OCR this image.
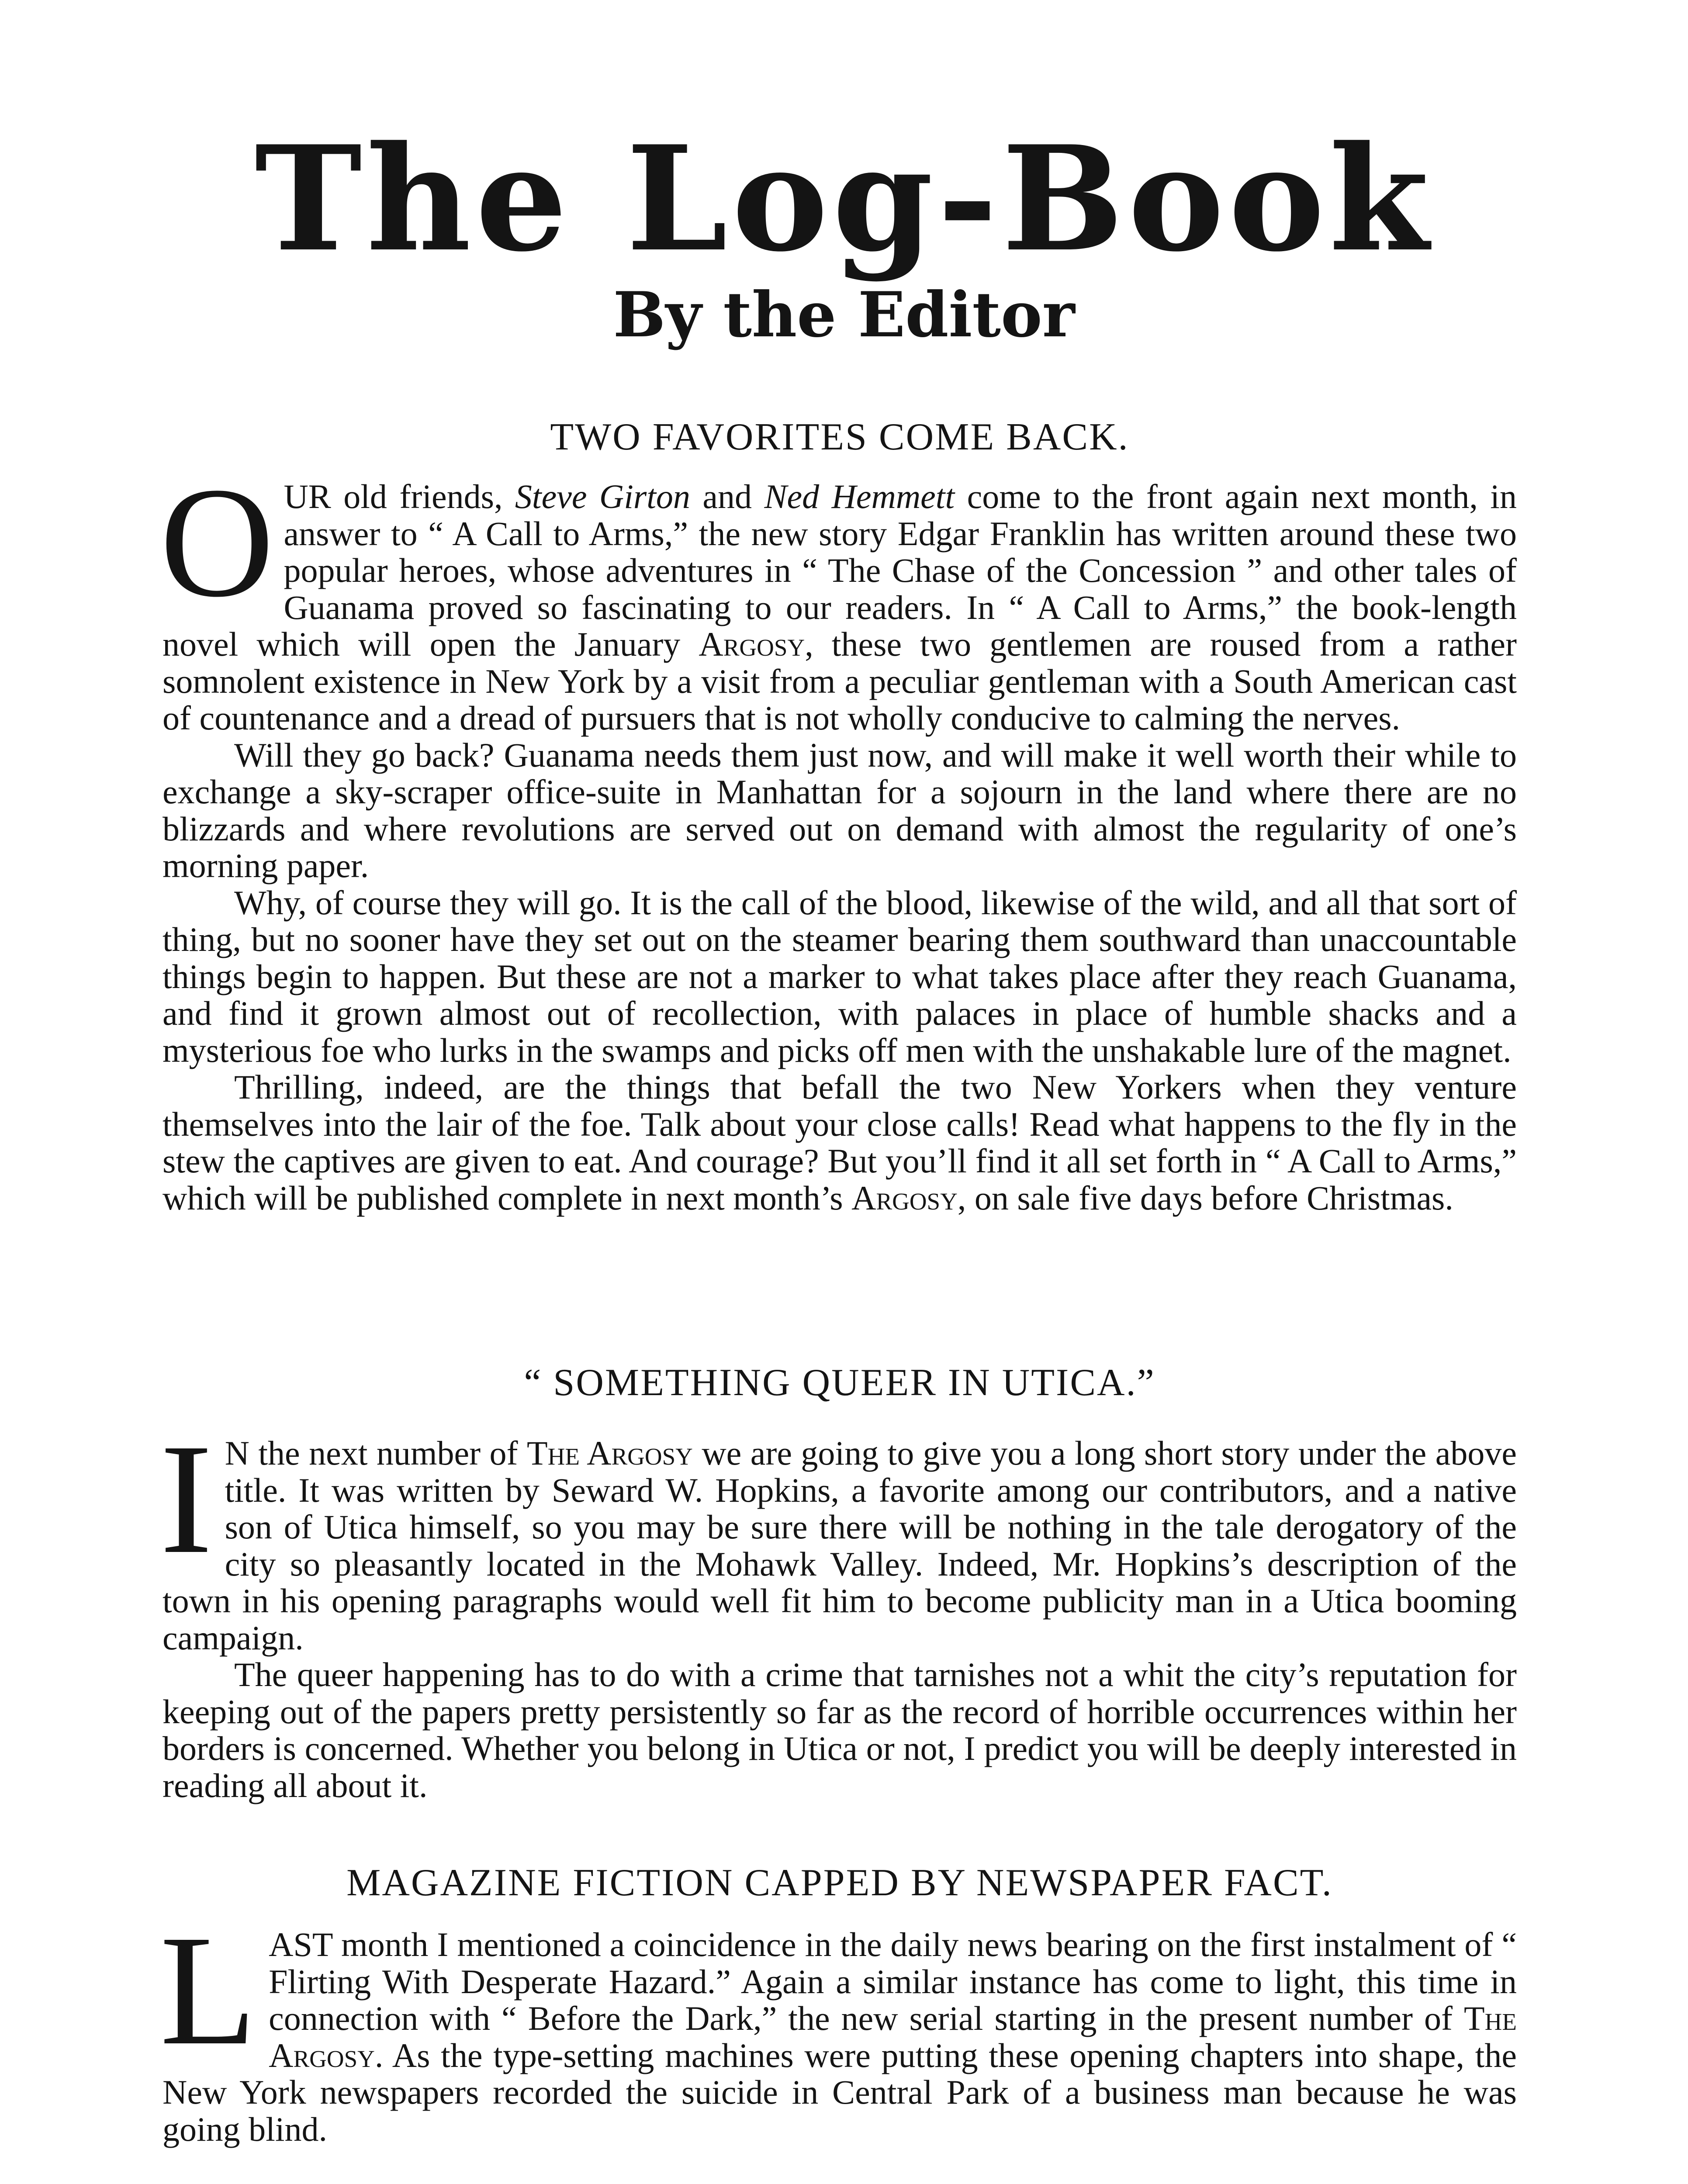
The Log-Book
By the Editor
TWO FAVORITES COME BACK.

OUR old friends, Steve Girton and Ned Hemmett come to the front again next month, in answer to “ A Call to Arms,” the new story Edgar Franklin has written around these two popular heroes, whose adventures in “ The Chase of the Concession ” and other tales of Guanama proved so fascinating to our readers. In “ A Call to Arms,” the book-length novel which will open the January Argosy, these two gentlemen are roused from a rather somnolent existence in New York by a visit from a peculiar gentleman with a South American cast of countenance and a dread of pursuers that is not wholly conducive to calming the nerves.

Will they go back? Guanama needs them just now, and will make it well worth their while to exchange a sky-scraper office-suite in Manhattan for a sojourn in the land where there are no blizzards and where revolutions are served out on demand with almost the regularity of one’s morning paper.

Why, of course they will go. It is the call of the blood, likewise of the wild, and all that sort of thing, but no sooner have they set out on the steamer bearing them southward than unaccountable things begin to happen. But these are not a marker to what takes place after they reach Guanama, and find it grown almost out of recollection, with palaces in place of humble shacks and a mysterious foe who lurks in the swamps and picks off men with the unshakable lure of the magnet.

Thrilling, indeed, are the things that befall the two New Yorkers when they venture themselves into the lair of the foe. Talk about your close calls! Read what happens to the fly in the stew the captives are given to eat. And courage? But you’ll find it all set forth in “ A Call to Arms,” which will be published complete in next month’s Argosy, on sale five days before Christmas.

“ SOMETHING QUEER IN UTICA.”

I N the next number of The Argosy we are going to give you a long short story under the above title. It was written by Seward W. Hopkins, a favorite among our contributors, and a native son of Utica himself, so you may be sure there will be nothing in the tale derogatory of the city so pleasantly located in the Mohawk Valley. Indeed, Mr. Hopkins’s description of the town in his opening paragraphs would well fit him to become publicity man in a Utica booming campaign.

The queer happening has to do with a crime that tarnishes not a whit the city’s reputation for keeping out of the papers pretty persistently so far as the record of horrible occurrences within her borders is concerned. Whether you belong in Utica or not, I predict you will be deeply interested in reading all about it.

MAGAZINE FICTION CAPPED BY NEWSPAPER FACT.

LAST month I mentioned a coincidence in the daily news bearing on the first instalment of “ Flirting With Desperate Hazard.” Again a similar instance has come to light, this time in connection with “ Before the Dark,” the new serial starting in the present number of The Argosy. As the type-setting machines were putting these opening chapters into shape, the New York newspapers recorded the suicide in Central Park of a business man because he was going blind.
